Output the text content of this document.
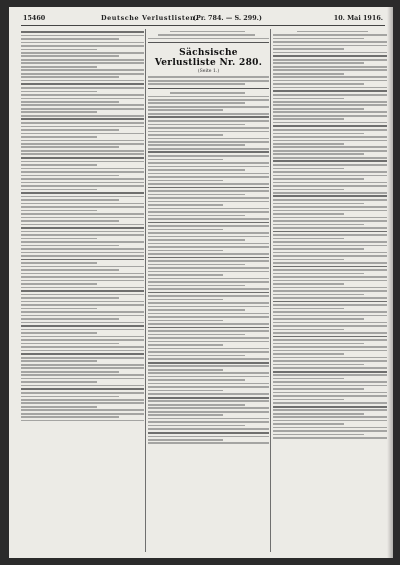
15460	Deutsche Verlustlisten.
(Pr. 784. — S. 299.)	10. Mai 1916.
Sächsische Verlustliste Nr. 280.
(Seite 1.)
